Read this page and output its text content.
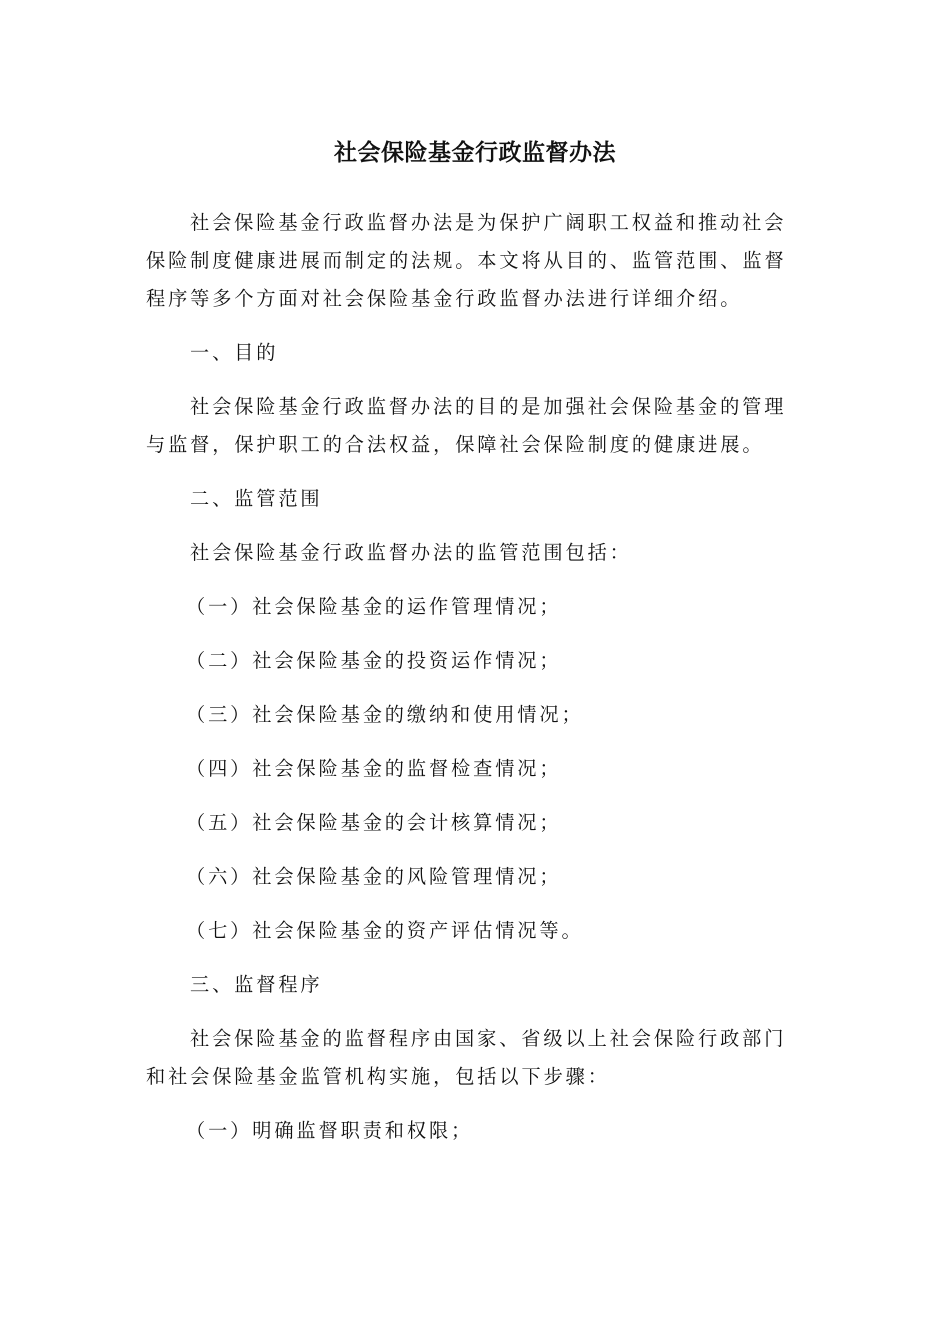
社会保险基金行政监督办法

社会保险基金行政监督办法是为保护广阔职工权益和推动社会保险制度健康进展而制定的法规。本文将从目的、监管范围、监督程序等多个方面对社会保险基金行政监督办法进行详细介绍。

一、目的

社会保险基金行政监督办法的目的是加强社会保险基金的管理与监督，保护职工的合法权益，保障社会保险制度的健康进展。

二、监管范围

社会保险基金行政监督办法的监管范围包括：

（一）社会保险基金的运作管理情况；

（二）社会保险基金的投资运作情况；

（三）社会保险基金的缴纳和使用情况；

（四）社会保险基金的监督检查情况；

（五）社会保险基金的会计核算情况；

（六）社会保险基金的风险管理情况；

（七）社会保险基金的资产评估情况等。

三、监督程序

社会保险基金的监督程序由国家、省级以上社会保险行政部门和社会保险基金监管机构实施，包括以下步骤：

（一）明确监督职责和权限；
